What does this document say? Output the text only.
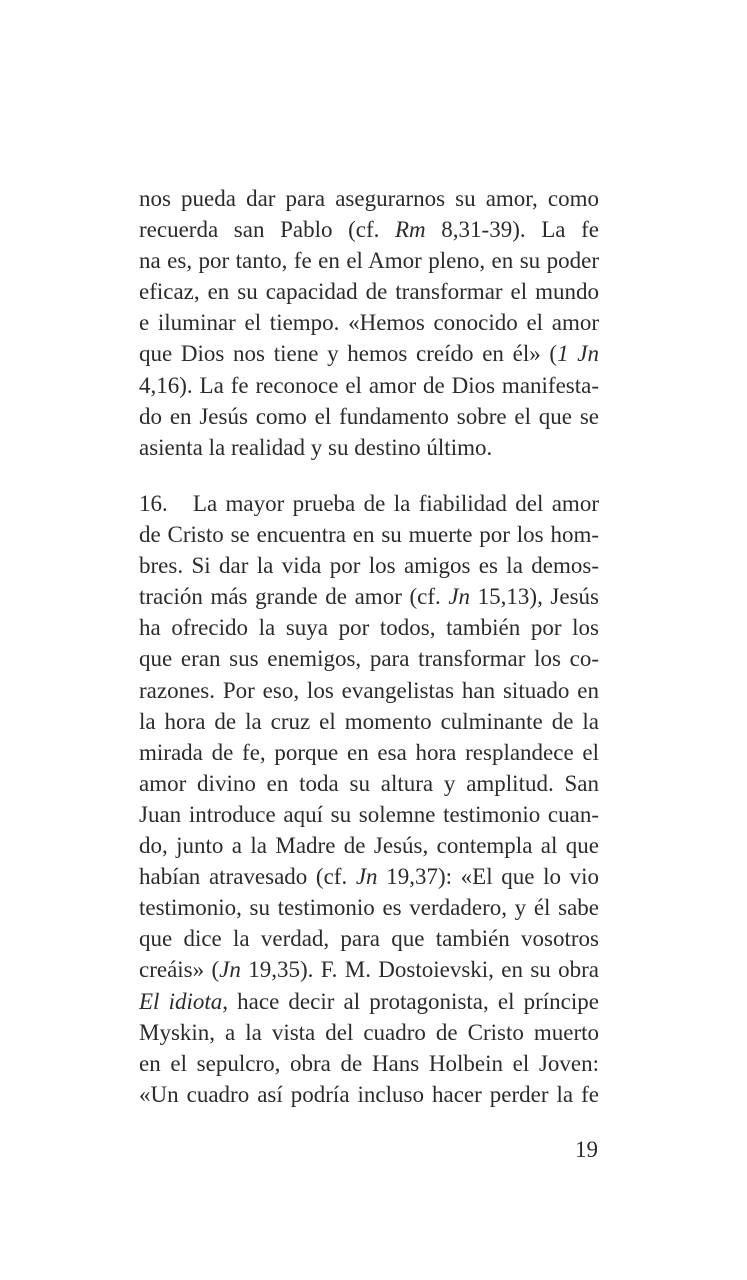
nos pueda dar para asegurarnos su amor, como
recuerda san Pablo (cf. Rm 8,31-39). La fe
na es, por tanto, fe en el Amor pleno, en su poder
eficaz, en su capacidad de transformar el mundo
e iluminar el tiempo. «Hemos conocido el amor
que Dios nos tiene y hemos creído en él» (1 Jn
4,16). La fe reconoce el amor de Dios manifesta-
do en Jesús como el fundamento sobre el que se
asienta la realidad y su destino último.
16.   La mayor prueba de la fiabilidad del amor
de Cristo se encuentra en su muerte por los hom-
bres. Si dar la vida por los amigos es la demos-
tración más grande de amor (cf. Jn 15,13), Jesús
ha ofrecido la suya por todos, también por los
que eran sus enemigos, para transformar los co-
razones. Por eso, los evangelistas han situado en
la hora de la cruz el momento culminante de la
mirada de fe, porque en esa hora resplandece el
amor divino en toda su altura y amplitud. San
Juan introduce aquí su solemne testimonio cuan-
do, junto a la Madre de Jesús, contempla al que
habían atravesado (cf. Jn 19,37): «El que lo vio
testimonio, su testimonio es verdadero, y él sabe
que dice la verdad, para que también vosotros
creáis» (Jn 19,35). F. M. Dostoievski, en su obra
El idiota, hace decir al protagonista, el príncipe
Myskin, a la vista del cuadro de Cristo muerto
en el sepulcro, obra de Hans Holbein el Joven:
«Un cuadro así podría incluso hacer perder la fe
19
